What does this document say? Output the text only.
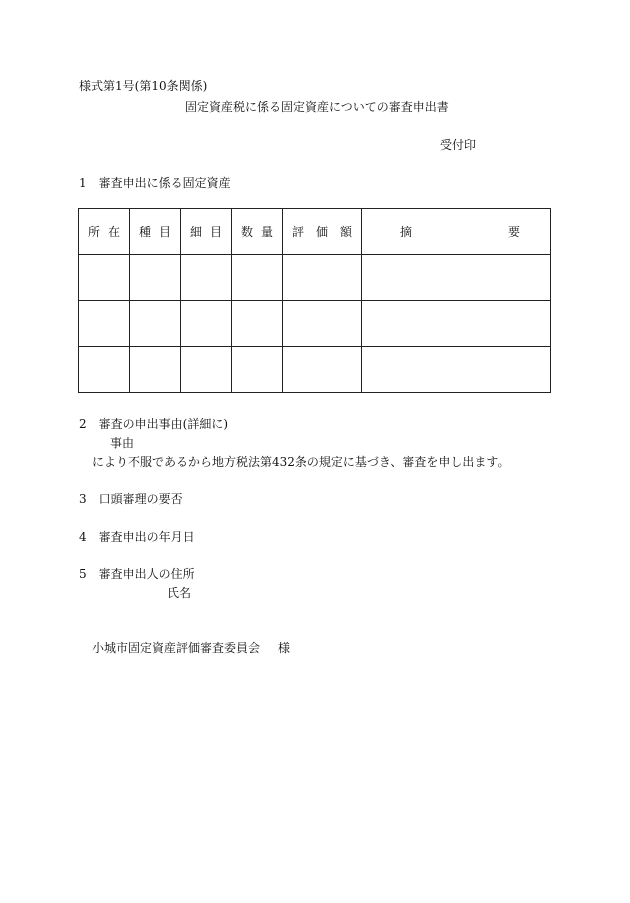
様式第1号(第10条関係)
固定資産税に係る固定資産についての審査申出書
受付印
1　審査申出に係る固定資産
所 在	種 目	細 目	数 量	評 価 額	摘 要

2　審査の申出事由(詳細に)
事由
により不服であるから地方税法第432条の規定に基づき、審査を申し出ます。
3　口頭審理の要否
4　審査申出の年月日
5　審査申出人の住所
氏名
小城市固定資産評価審査委員会 様
